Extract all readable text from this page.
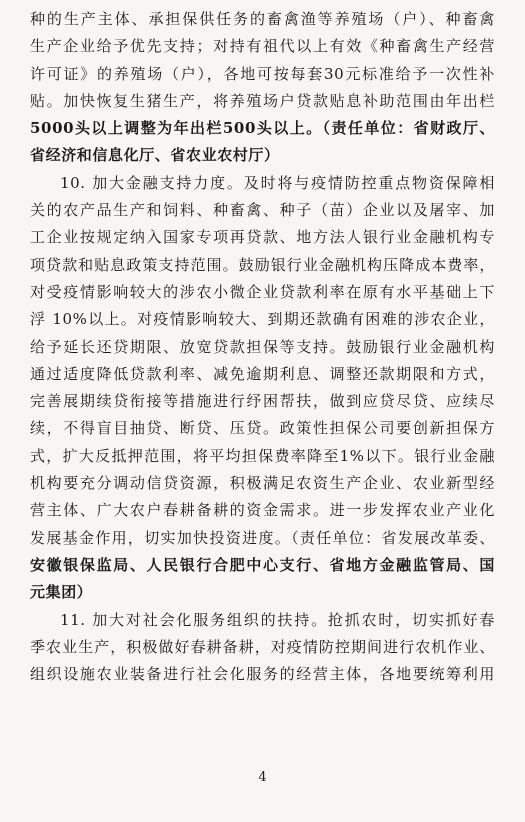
种的生产主体、承担保供任务的畜禽渔等养殖场（户）、种畜禽
生产企业给予优先支持；对持有祖代以上有效《种畜禽生产经营
许可证》的养殖场（户），各地可按每套30元标准给予一次性补
贴。加快恢复生猪生产，将养殖场户贷款贴息补助范围由年出栏
5000头以上调整为年出栏500头以上。（责任单位：省财政厅、
省经济和信息化厅、省农业农村厅）
10. 加大金融支持力度。及时将与疫情防控重点物资保障相
关的农产品生产和饲料、种畜禽、种子（苗）企业以及屠宰、加
工企业按规定纳入国家专项再贷款、地方法人银行业金融机构专
项贷款和贴息政策支持范围。鼓励银行业金融机构压降成本费率，
对受疫情影响较大的涉农小微企业贷款利率在原有水平基础上下
浮 10%以上。对疫情影响较大、到期还款确有困难的涉农企业，
给予延长还贷期限、放宽贷款担保等支持。鼓励银行业金融机构
通过适度降低贷款利率、减免逾期利息、调整还款期限和方式，
完善展期续贷衔接等措施进行纾困帮扶，做到应贷尽贷、应续尽
续，不得盲目抽贷、断贷、压贷。政策性担保公司要创新担保方
式，扩大反抵押范围，将平均担保费率降至1%以下。银行业金融
机构要充分调动信贷资源，积极满足农资生产企业、农业新型经
营主体、广大农户春耕备耕的资金需求。进一步发挥农业产业化
发展基金作用，切实加快投资进度。（责任单位：省发展改革委、
安徽银保监局、人民银行合肥中心支行、省地方金融监管局、国
元集团）
11. 加大对社会化服务组织的扶持。抢抓农时，切实抓好春
季农业生产，积极做好春耕备耕，对疫情防控期间进行农机作业、
组织设施农业装备进行社会化服务的经营主体，各地要统筹利用
4
